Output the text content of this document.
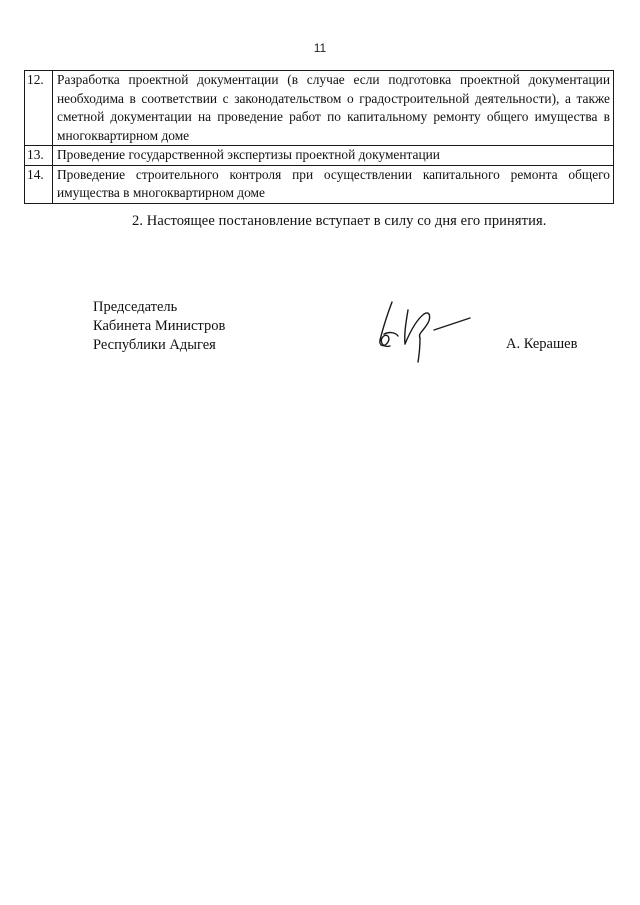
11
12.	Разработка проектной документации (в случае если подготовка проектной документации необходима в соответствии с законодательством о градостроительной деятельности), а также сметной документации на проведение работ по капитальному ремонту общего имущества в многоквартирном доме
13.	Проведение государственной экспертизы проектной документации
14.	Проведение строительного контроля при осуществлении капитального ремонта общего имущества в многоквартирном доме
2. Настоящее постановление вступает в силу со дня его принятия.
Председатель
Кабинета Министров
Республики Адыгея	А. Керашев
